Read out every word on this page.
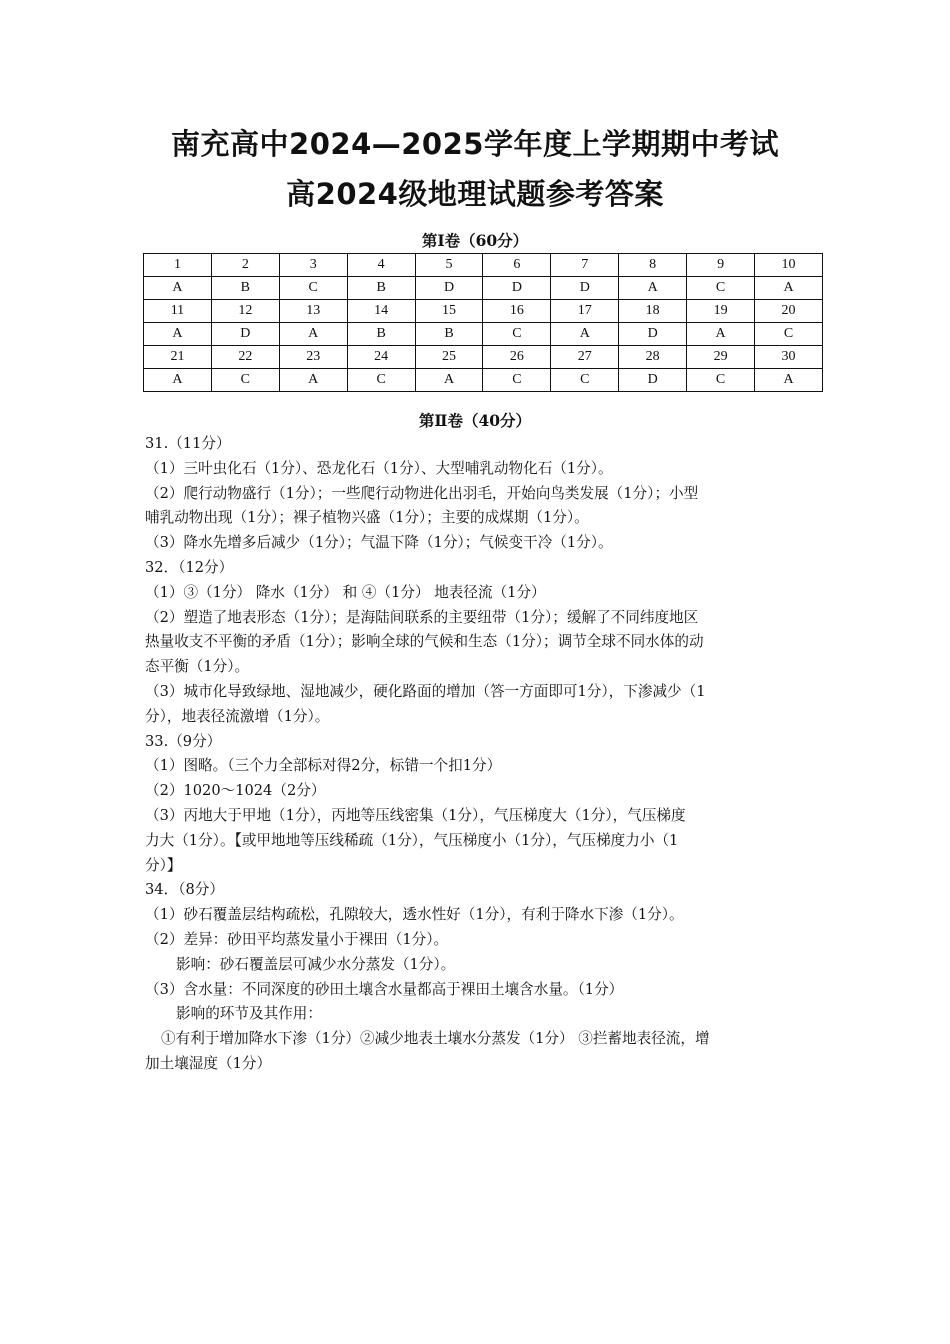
南充高中2024—2025学年度上学期期中考试
高2024级地理试题参考答案
第Ⅰ卷（60分）
1	2	3	4	5	6	7	8	9	10
A	B	C	B	D	D	D	A	C	A
11	12	13	14	15	16	17	18	19	20
A	D	A	B	B	C	A	D	A	C
21	22	23	24	25	26	27	28	29	30
A	C	A	C	A	C	C	D	C	A
第Ⅱ卷（40分）

31.（11分）

（1）三叶虫化石（1分）、恐龙化石（1分）、大型哺乳动物化石（1分）。

（2）爬行动物盛行（1分）；一些爬行动物进化出羽毛，开始向鸟类发展（1分）；小型

哺乳动物出现（1分）；裸子植物兴盛（1分）；主要的成煤期（1分）。

（3）降水先增多后减少（1分）；气温下降（1分）；气候变干冷（1分）。

32．（12分）

（1）③（1分） 降水（1分） 和 ④（1分） 地表径流（1分）

（2）塑造了地表形态（1分）；是海陆间联系的主要纽带（1分）；缓解了不同纬度地区

热量收支不平衡的矛盾（1分）；影响全球的气候和生态（1分）；调节全球不同水体的动

态平衡（1分）。

（3）城市化导致绿地、湿地减少，硬化路面的增加（答一方面即可1分），下渗减少（1

分），地表径流激增（1分）。

33.（9分）

（1）图略。（三个力全部标对得2分，标错一个扣1分）

（2）1020～1024（2分）

（3）丙地大于甲地（1分），丙地等压线密集（1分），气压梯度大（1分），气压梯度

力大（1分）。【或甲地地等压线稀疏（1分），气压梯度小（1分），气压梯度力小（1

分）】

34．（8分）

（1）砂石覆盖层结构疏松，孔隙较大，透水性好（1分），有利于降水下渗（1分）。

（2）差异：砂田平均蒸发量小于裸田（1分）。

影响：砂石覆盖层可减少水分蒸发（1分）。

（3）含水量：不同深度的砂田土壤含水量都高于裸田土壤含水量。（1分）

影响的环节及其作用：

①有利于增加降水下渗（1分）②减少地表土壤水分蒸发（1分） ③拦蓄地表径流，增

加土壤湿度（1分）
